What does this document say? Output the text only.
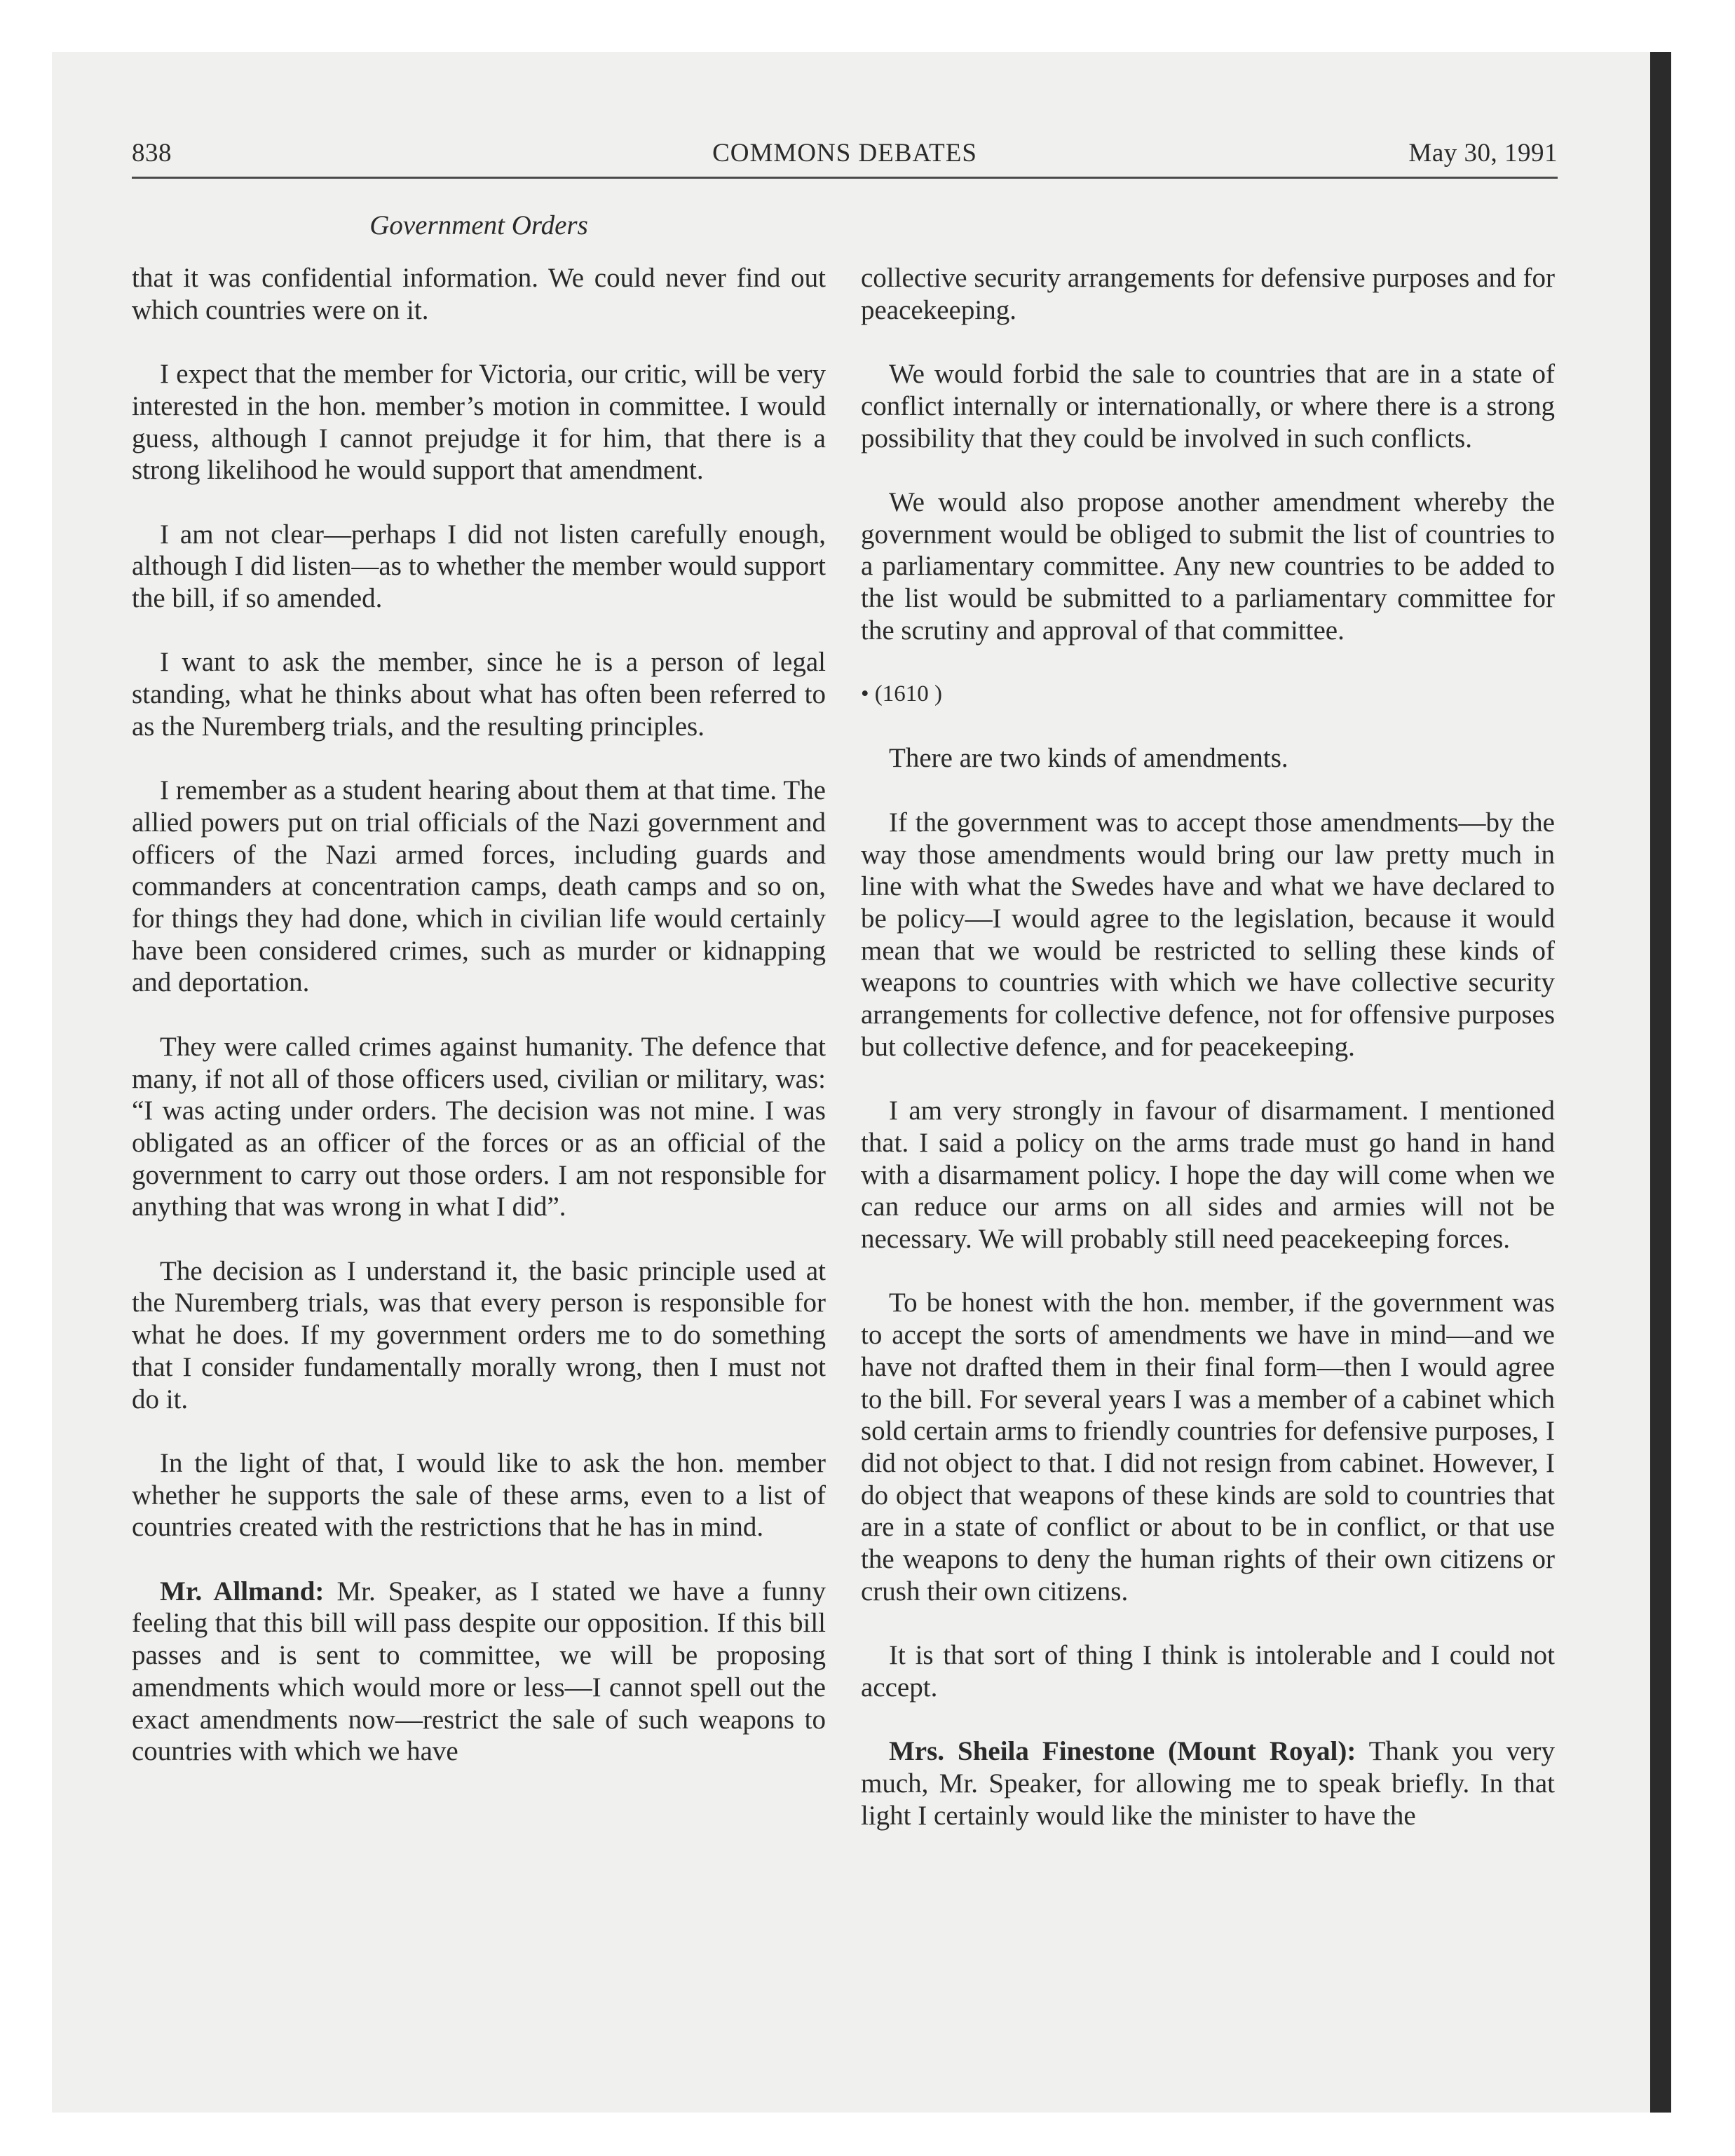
838	COMMONS DEBATES	May 30, 1991
Government Orders

that it was confidential information. We could never find out which countries were on it.

I expect that the member for Victoria, our critic, will be very interested in the hon. member’s motion in committee. I would guess, although I cannot prejudge it for him, that there is a strong likelihood he would support that amendment.

I am not clear—perhaps I did not listen carefully enough, although I did listen—as to whether the member would support the bill, if so amended.

I want to ask the member, since he is a person of legal standing, what he thinks about what has often been referred to as the Nuremberg trials, and the resulting principles.

I remember as a student hearing about them at that time. The allied powers put on trial officials of the Nazi government and officers of the Nazi armed forces, including guards and commanders at concentration camps, death camps and so on, for things they had done, which in civilian life would certainly have been considered crimes, such as murder or kidnapping and deportation.

They were called crimes against humanity. The defence that many, if not all of those officers used, civilian or military, was: “I was acting under orders. The decision was not mine. I was obligated as an officer of the forces or as an official of the government to carry out those orders. I am not responsible for anything that was wrong in what I did”.

The decision as I understand it, the basic principle used at the Nuremberg trials, was that every person is responsible for what he does. If my government orders me to do something that I consider fundamentally morally wrong, then I must not do it.

In the light of that, I would like to ask the hon. member whether he supports the sale of these arms, even to a list of countries created with the restrictions that he has in mind.

Mr. Allmand: Mr. Speaker, as I stated we have a funny feeling that this bill will pass despite our opposition. If this bill passes and is sent to committee, we will be proposing amendments which would more or less—I cannot spell out the exact amendments now—restrict the sale of such weapons to countries with which we have

collective security arrangements for defensive purposes and for peacekeeping.

We would forbid the sale to countries that are in a state of conflict internally or internationally, or where there is a strong possibility that they could be involved in such conflicts.

We would also propose another amendment whereby the government would be obliged to submit the list of countries to a parliamentary committee. Any new countries to be added to the list would be submitted to a parliamentary committee for the scrutiny and approval of that committee.

• (1610 )

There are two kinds of amendments.

If the government was to accept those amendments—by the way those amendments would bring our law pretty much in line with what the Swedes have and what we have declared to be policy—I would agree to the legislation, because it would mean that we would be restricted to selling these kinds of weapons to countries with which we have collective security arrangements for collective defence, not for offensive purposes but collective defence, and for peacekeeping.

I am very strongly in favour of disarmament. I mentioned that. I said a policy on the arms trade must go hand in hand with a disarmament policy. I hope the day will come when we can reduce our arms on all sides and armies will not be necessary. We will probably still need peacekeeping forces.

To be honest with the hon. member, if the government was to accept the sorts of amendments we have in mind—and we have not drafted them in their final form—then I would agree to the bill. For several years I was a member of a cabinet which sold certain arms to friendly countries for defensive purposes, I did not object to that. I did not resign from cabinet. However, I do object that weapons of these kinds are sold to countries that are in a state of conflict or about to be in conflict, or that use the weapons to deny the human rights of their own citizens or crush their own citizens.

It is that sort of thing I think is intolerable and I could not accept.

Mrs. Sheila Finestone (Mount Royal): Thank you very much, Mr. Speaker, for allowing me to speak briefly. In that light I certainly would like the minister to have the
